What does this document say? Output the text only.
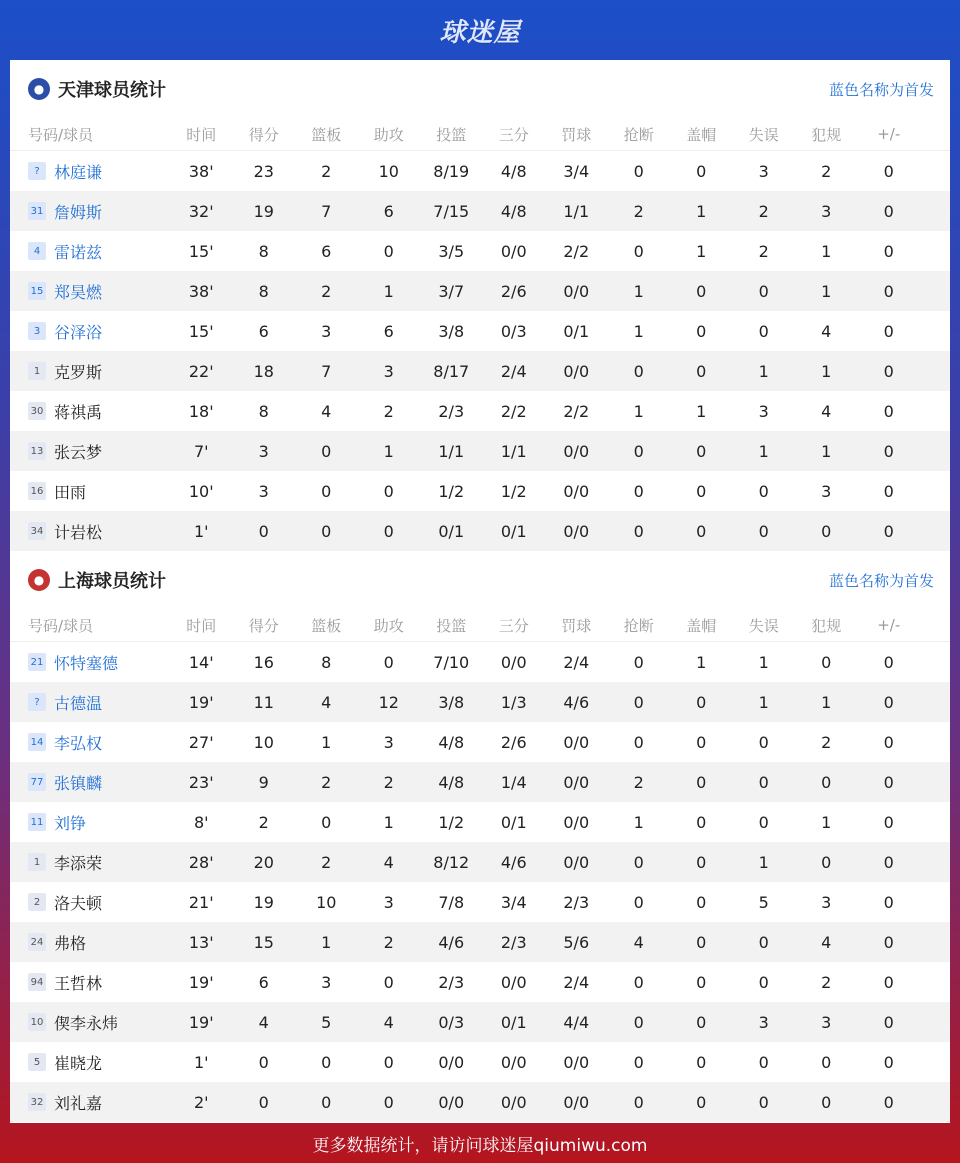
球迷屋
● 天津球员统计	蓝色名称为首发
号码/球员	时间	得分	篮板	助攻	投篮	三分	罚球	抢断	盖帽	失误	犯规	+/-
? 林庭谦	38'	23	2	10	8/19	4/8	3/4	0	0	3	2	0
31 詹姆斯	32'	19	7	6	7/15	4/8	1/1	2	1	2	3	0
4 雷诺兹	15'	8	6	0	3/5	0/0	2/2	0	1	2	1	0
15 郑昊燃	38'	8	2	1	3/7	2/6	0/0	1	0	0	1	0
3 谷泽浴	15'	6	3	6	3/8	0/3	0/1	1	0	0	4	0
1 克罗斯	22'	18	7	3	8/17	2/4	0/0	0	0	1	1	0
30 蒋祺禹	18'	8	4	2	2/3	2/2	2/2	1	1	3	4	0
13 张云梦	7'	3	0	1	1/1	1/1	0/0	0	0	1	1	0
16 田雨	10'	3	0	0	1/2	1/2	0/0	0	0	0	3	0
34 计岩松	1'	0	0	0	0/1	0/1	0/0	0	0	0	0	0
● 上海球员统计	蓝色名称为首发
号码/球员	时间	得分	篮板	助攻	投篮	三分	罚球	抢断	盖帽	失误	犯规	+/-
21 怀特塞德	14'	16	8	0	7/10	0/0	2/4	0	1	1	0	0
? 古德温	19'	11	4	12	3/8	1/3	4/6	0	0	1	1	0
14 李弘权	27'	10	1	3	4/8	2/6	0/0	0	0	0	2	0
77 张镇麟	23'	9	2	2	4/8	1/4	0/0	2	0	0	0	0
11 刘铮	8'	2	0	1	1/2	0/1	0/0	1	0	0	1	0
1 李添荣	28'	20	2	4	8/12	4/6	0/0	0	0	1	0	0
2 洛夫顿	21'	19	10	3	7/8	3/4	2/3	0	0	5	3	0
24 弗格	13'	15	1	2	4/6	2/3	5/6	4	0	0	4	0
94 王哲林	19'	6	3	0	2/3	0/0	2/4	0	0	0	2	0
10 偰李永炜	19'	4	5	4	0/3	0/1	4/4	0	0	3	3	0
5 崔晓龙	1'	0	0	0	0/0	0/0	0/0	0	0	0	0	0
32 刘礼嘉	2'	0	0	0	0/0	0/0	0/0	0	0	0	0	0
更多数据统计，请访问球迷屋qiumiwu.com
